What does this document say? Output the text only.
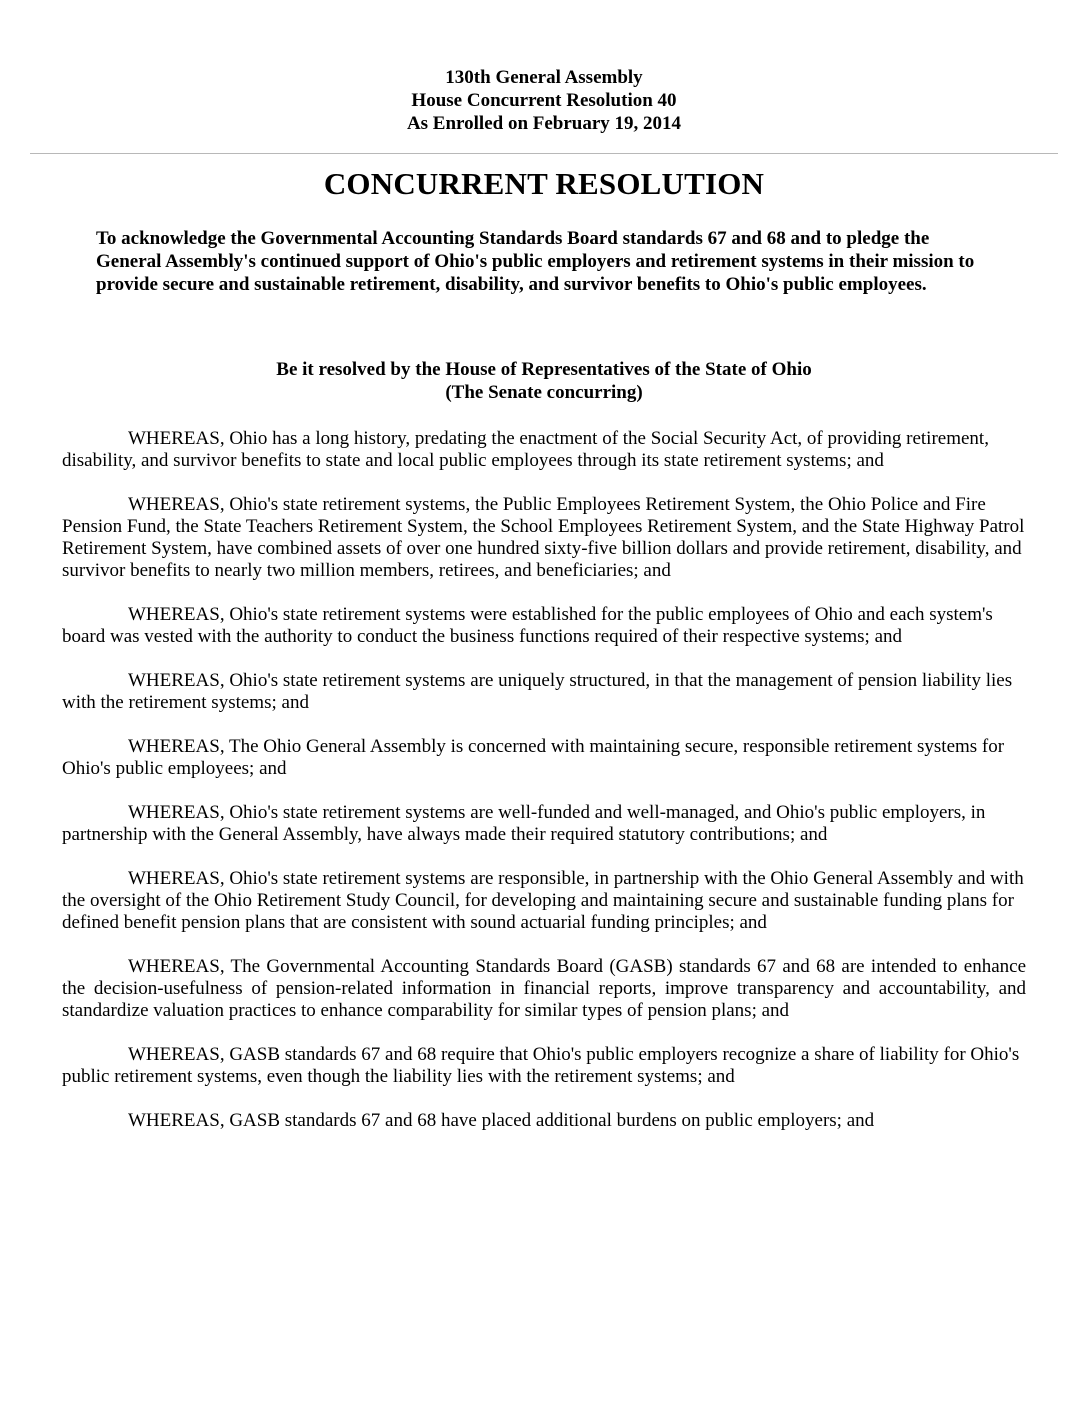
130th General Assembly
House Concurrent Resolution 40
As Enrolled on February 19, 2014
CONCURRENT RESOLUTION
To acknowledge the Governmental Accounting Standards Board standards 67 and 68 and to pledge the General Assembly's continued support of Ohio's public employers and retirement systems in their mission to provide secure and sustainable retirement, disability, and survivor benefits to Ohio's public employees.
Be it resolved by the House of Representatives of the State of Ohio
(The Senate concurring)

WHEREAS, Ohio has a long history, predating the enactment of the Social Security Act, of providing retirement, disability, and survivor benefits to state and local public employees through its state retirement systems; and

WHEREAS, Ohio's state retirement systems, the Public Employees Retirement System, the Ohio Police and Fire Pension Fund, the State Teachers Retirement System, the School Employees Retirement System, and the State Highway Patrol Retirement System, have combined assets of over one hundred sixty-five billion dollars and provide retirement, disability, and survivor benefits to nearly two million members, retirees, and beneficiaries; and

WHEREAS, Ohio's state retirement systems were established for the public employees of Ohio and each system's board was vested with the authority to conduct the business functions required of their respective systems; and

WHEREAS, Ohio's state retirement systems are uniquely structured, in that the management of pension liability lies with the retirement systems; and

WHEREAS, The Ohio General Assembly is concerned with maintaining secure, responsible retirement systems for Ohio's public employees; and

WHEREAS, Ohio's state retirement systems are well-funded and well-managed, and Ohio's public employers, in partnership with the General Assembly, have always made their required statutory contributions; and

WHEREAS, Ohio's state retirement systems are responsible, in partnership with the Ohio General Assembly and with the oversight of the Ohio Retirement Study Council, for developing and maintaining secure and sustainable funding plans for defined benefit pension plans that are consistent with sound actuarial funding principles; and

WHEREAS, The Governmental Accounting Standards Board (GASB) standards 67 and 68 are intended to enhance the decision-usefulness of pension-related information in financial reports, improve transparency and accountability, and standardize valuation practices to enhance comparability for similar types of pension plans; and

WHEREAS, GASB standards 67 and 68 require that Ohio's public employers recognize a share of liability for Ohio's public retirement systems, even though the liability lies with the retirement systems; and

WHEREAS, GASB standards 67 and 68 have placed additional burdens on public employers; and
